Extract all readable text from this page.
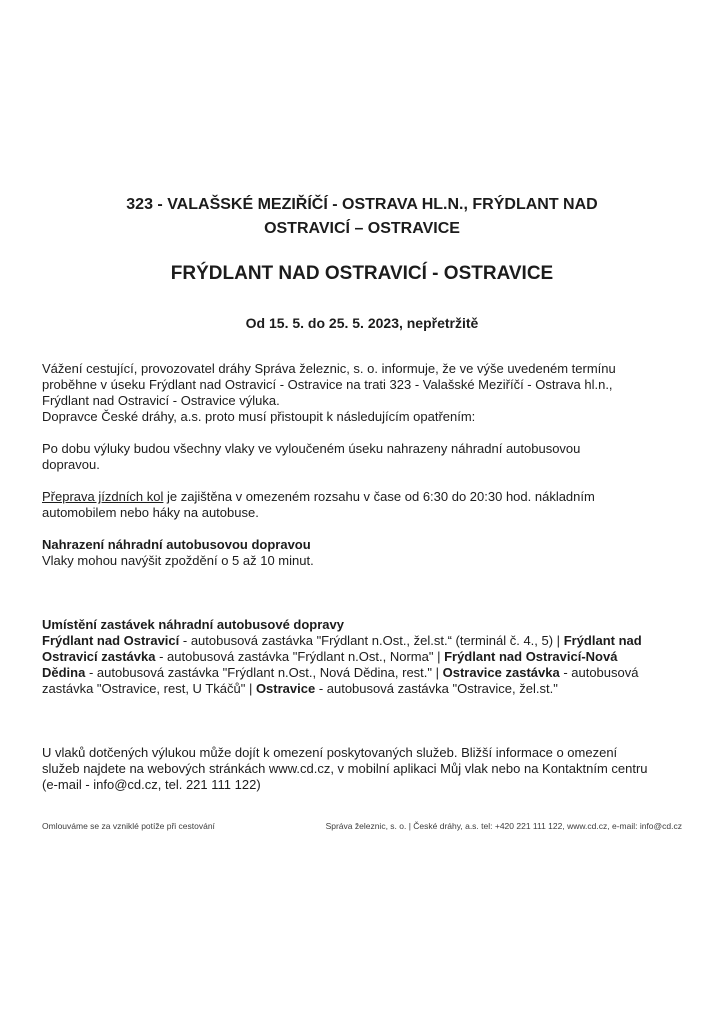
323 - VALAŠSKÉ MEZIŘÍČÍ - OSTRAVA HL.N., FRÝDLANT NAD
OSTRAVICÍ – OSTRAVICE
FRÝDLANT NAD OSTRAVICÍ - OSTRAVICE
Od 15. 5. do 25. 5. 2023, nepřetržitě
Vážení cestující, provozovatel dráhy Správa železnic, s. o. informuje, že ve výše uvedeném termínu
proběhne v úseku Frýdlant nad Ostravicí - Ostravice na trati 323 - Valašské Meziříčí - Ostrava hl.n.,
Frýdlant nad Ostravicí - Ostravice výluka.
Dopravce České dráhy, a.s. proto musí přistoupit k následujícím opatřením:
Po dobu výluky budou všechny vlaky ve vyloučeném úseku nahrazeny náhradní autobusovou
dopravou.
Přeprava jízdních kol je zajištěna v omezeném rozsahu v čase od 6:30 do 20:30 hod. nákladním
automobilem nebo háky na autobuse.
Nahrazení náhradní autobusovou dopravou
Vlaky mohou navýšit zpoždění o 5 až 10 minut.
Umístění zastávek náhradní autobusové dopravy
Frýdlant nad Ostravicí - autobusová zastávka "Frýdlant n.Ost., žel.st.“ (terminál č. 4., 5) | Frýdlant nad
Ostravicí zastávka - autobusová zastávka "Frýdlant n.Ost., Norma" | Frýdlant nad Ostravicí-Nová
Dědina - autobusová zastávka "Frýdlant n.Ost., Nová Dědina, rest." | Ostravice zastávka - autobusová
zastávka "Ostravice, rest, U Tkáčů" | Ostravice - autobusová zastávka "Ostravice, žel.st."
U vlaků dotčených výlukou může dojít k omezení poskytovaných služeb. Bližší informace o omezení
služeb najdete na webových stránkách www.cd.cz, v mobilní aplikaci Můj vlak nebo na Kontaktním centru
(e-mail - info@cd.cz, tel. 221 111 122)
Omlouváme se za vzniklé potíže při cestování	Správa železnic, s. o. | České dráhy, a.s. tel: +420 221 111 122, www.cd.cz, e-mail: info@cd.cz
